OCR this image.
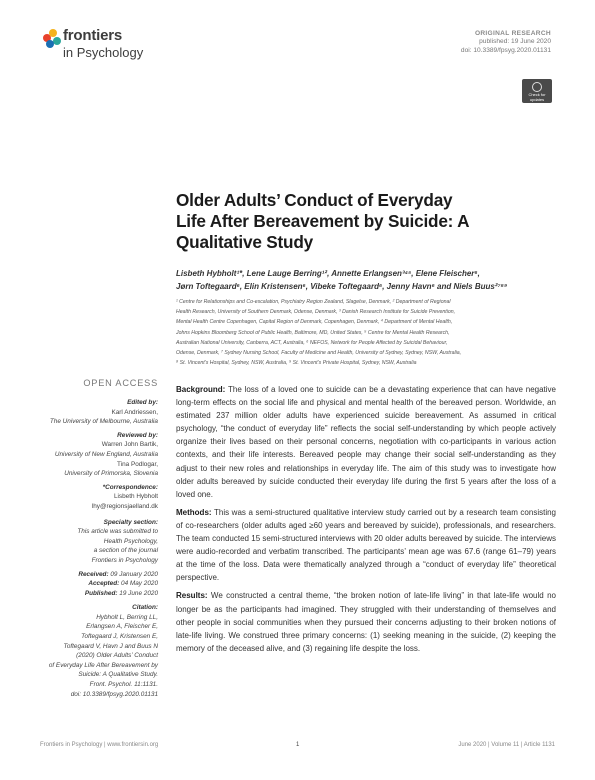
frontiers
in Psychology
ORIGINAL RESEARCH
published: 19 June 2020
doi: 10.3389/fpsyg.2020.01131
Check for updates
Older Adults’ Conduct of Everyday
Life After Bereavement by Suicide: A
Qualitative Study
Lisbeth Hybholt¹*, Lene Lauge Berring¹², Annette Erlangsen³⁴⁵, Elene Fleischer⁶,
Jørn Toftegaard⁶, Elin Kristensen⁶, Vibeke Toftegaard⁶, Jenny Havn⁶ and Niels Buus²⁷⁸⁹
¹ Centre for Relationships and Co-escalation, Psychiatry Region Zealand, Slagelse, Denmark, ² Department of Regional
Health Research, University of Southern Denmark, Odense, Denmark, ³ Danish Research Institute for Suicide Prevention,
Mental Health Centre Copenhagen, Capital Region of Denmark, Copenhagen, Denmark, ⁴ Department of Mental Health,
Johns Hopkins Bloomberg School of Public Health, Baltimore, MD, United States, ⁵ Centre for Mental Health Research,
Australian National University, Canberra, ACT, Australia, ⁶ NEFOS, Network for People Affected by Suicidal Behaviour,
Odense, Denmark, ⁷ Sydney Nursing School, Faculty of Medicine and Health, University of Sydney, Sydney, NSW, Australia,
⁸ St. Vincent’s Hospital, Sydney, NSW, Australia, ⁹ St. Vincent’s Private Hospital, Sydney, NSW, Australia
OPEN ACCESS
Edited by:
Karl Andriessen,
The University of Melbourne, Australia
Reviewed by:
Warren John Bartik,
University of New England, Australia
Tina Podlogar,
University of Primorska, Slovenia
*Correspondence:
Lisbeth Hybholt
lhy@regionsjaelland.dk
Specialty section:
This article was submitted to
Health Psychology,
a section of the journal
Frontiers in Psychology
Received: 09 January 2020
Accepted: 04 May 2020
Published: 19 June 2020
Citation:
Hybholt L, Berring LL,
Erlangsen A, Fleischer E,
Toftegaard J, Kristensen E,
Toftegaard V, Havn J and Buus N
(2020) Older Adults’ Conduct
of Everyday Life After Bereavement by
Suicide: A Qualitative Study.
Front. Psychol. 11:1131.
doi: 10.3389/fpsyg.2020.01131

Background: The loss of a loved one to suicide can be a devastating experience that can have negative long-term effects on the social life and physical and mental health of the bereaved person. Worldwide, an estimated 237 million older adults have experienced suicide bereavement. As assumed in critical psychology, “the conduct of everyday life” reflects the social self-understanding by which people actively organize their lives based on their personal concerns, negotiation with co-participants in various action contexts, and their life interests. Bereaved people may change their social self-understanding as they adjust to their new roles and relationships in everyday life. The aim of this study was to investigate how older adults bereaved by suicide conducted their everyday life during the first 5 years after the loss of a loved one.

Methods: This was a semi-structured qualitative interview study carried out by a research team consisting of co-researchers (older adults aged ≥60 years and bereaved by suicide), professionals, and researchers. The team conducted 15 semi-structured interviews with 20 older adults bereaved by suicide. The interviews were audio-recorded and verbatim transcribed. The participants’ mean age was 67.6 (range 61–79) years at the time of the loss. Data were thematically analyzed through a “conduct of everyday life” theoretical perspective.

Results: We constructed a central theme, “the broken notion of late-life living” in that late-life would no longer be as the participants had imagined. They struggled with their understanding of themselves and other people in social communities when they pursued their concerns adjusting to their broken notions of late-life living. We construed three primary concerns: (1) seeking meaning in the suicide, (2) keeping the memory of the deceased alive, and (3) regaining life despite the loss.

Frontiers in Psychology | www.frontiersin.org	1	June 2020 | Volume 11 | Article 1131
